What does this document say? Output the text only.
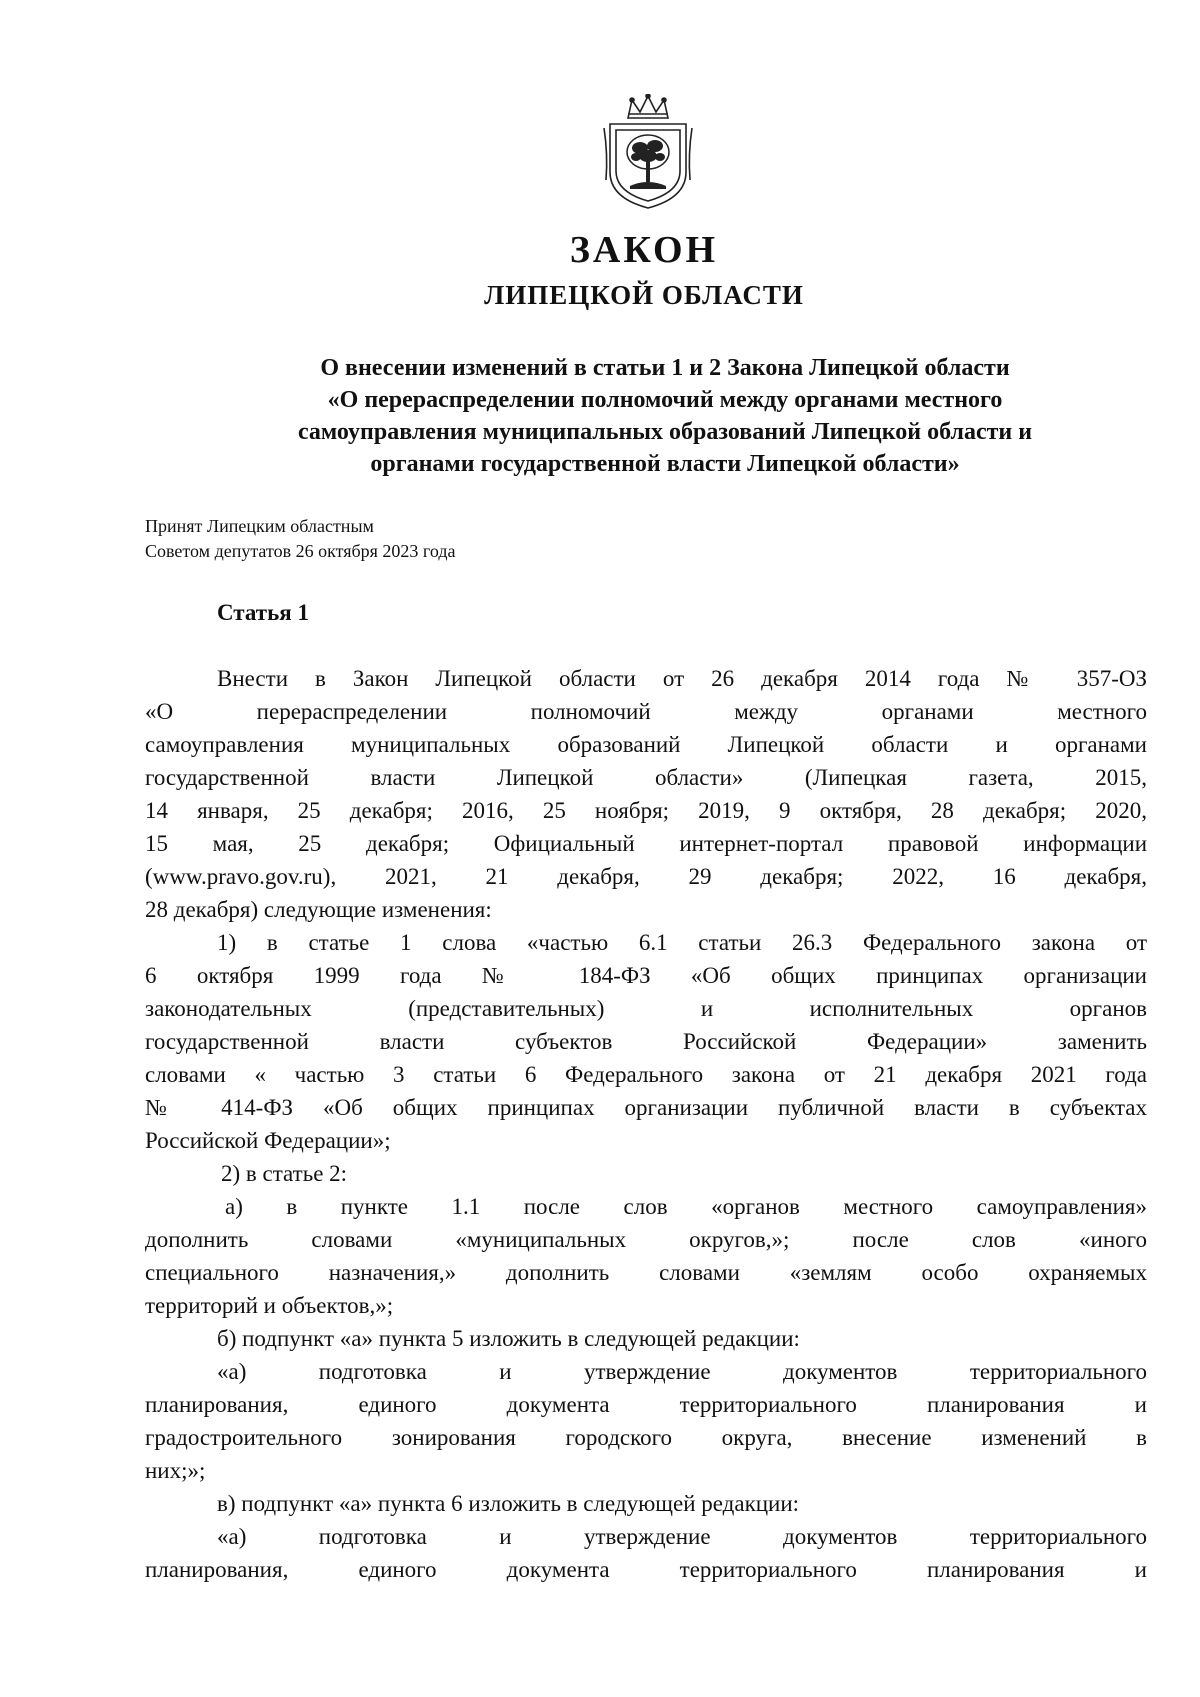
ЗАКОН
ЛИПЕЦКОЙ ОБЛАСТИ
О внесении изменений в статьи 1 и 2 Закона Липецкой области
«О перераспределении полномочий между органами местного
самоуправления муниципальных образований Липецкой области и
органами государственной власти Липецкой области»
Принят Липецким областным
Советом депутатов 26 октября 2023 года
Статья 1
Внести в Закон Липецкой области от 26 декабря 2014 года № 357-ОЗ
«О перераспределении полномочий между органами местного
самоуправления муниципальных образований Липецкой области и органами
государственной власти Липецкой области» (Липецкая газета, 2015,
14 января, 25 декабря; 2016, 25 ноября; 2019, 9 октября, 28 декабря; 2020,
15 мая, 25 декабря; Официальный интернет-портал правовой информации
(www.pravo.gov.ru), 2021, 21 декабря, 29 декабря; 2022, 16 декабря,
28 декабря) следующие изменения:
1) в статье 1 слова «частью 6.1 статьи 26.3 Федерального закона от
6 октября 1999 года № 184-ФЗ «Об общих принципах организации
законодательных (представительных) и исполнительных органов
государственной власти субъектов Российской Федерации» заменить
словами « частью 3 статьи 6 Федерального закона от 21 декабря 2021 года
№ 414-ФЗ «Об общих принципах организации публичной власти в субъектах
Российской Федерации»;
2) в статье 2:
а) в пункте 1.1 после слов «органов местного самоуправления»
дополнить словами «муниципальных округов,»; после слов «иного
специального назначения,» дополнить словами «землям особо охраняемых
территорий и объектов,»;
б) подпункт «а» пункта 5 изложить в следующей редакции:
«а) подготовка и утверждение документов территориального
планирования, единого документа территориального планирования и
градостроительного зонирования городского округа, внесение изменений в
них;»;
в) подпункт «а» пункта 6 изложить в следующей редакции:
«а) подготовка и утверждение документов территориального
планирования, единого документа территориального планирования и
